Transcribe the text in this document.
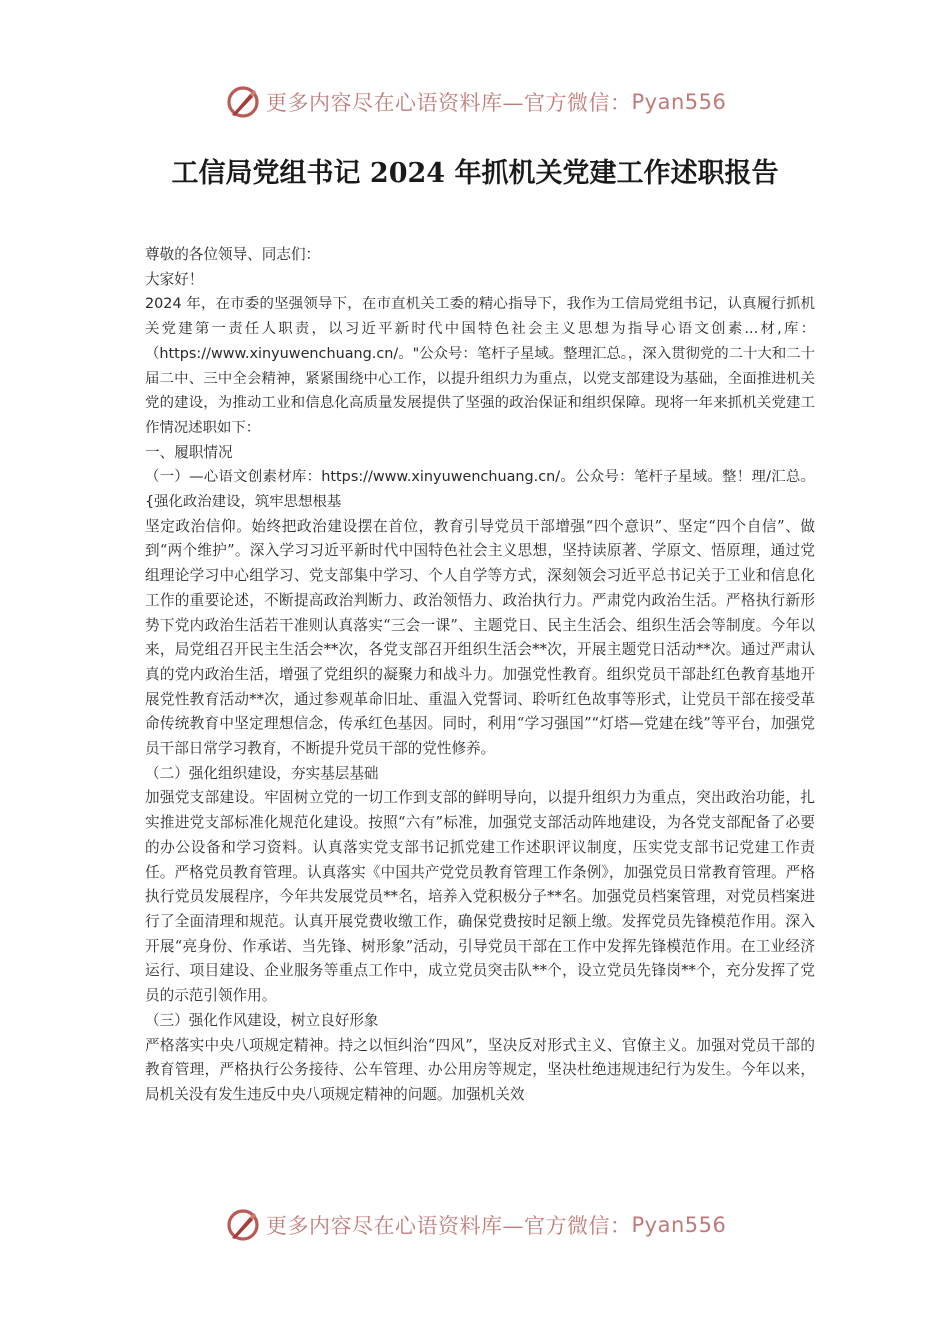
更多内容尽在心语资料库—官方微信： Pyan556
工信局党组书记 2024 年抓机关党建工作述职报告

尊敬的各位领导、同志们：

大家好！

2024 年，在市委的坚强领导下，在市直机关工委的精心指导下，我作为工信局党组书记，认真履行抓机关党建第一责任人职责，以习近平新时代中国特色社会主义思想为指导心语文创素...材,库：（https://www.xinyuwenchuang.cn/。"公众号：笔杆子星域。整理汇总。，深入贯彻党的二十大和二十届二中、三中全会精神，紧紧围绕中心工作，以提升组织力为重点，以党支部建设为基础，全面推进机关党的建设，为推动工业和信息化高质量发展提供了坚强的政治保证和组织保障。现将一年来抓机关党建工作情况述职如下：

一、履职情况

（一）—心语文创素材库：https://www.xinyuwenchuang.cn/。公众号：笔杆子星域。整！理/汇总。{强化政治建设，筑牢思想根基

坚定政治信仰。始终把政治建设摆在首位，教育引导党员干部增强“四个意识”、坚定“四个自信”、做到“两个维护”。深入学习习近平新时代中国特色社会主义思想，坚持读原著、学原文、悟原理，通过党组理论学习中心组学习、党支部集中学习、个人自学等方式，深刻领会习近平总书记关于工业和信息化工作的重要论述，不断提高政治判断力、政治领悟力、政治执行力。严肃党内政治生活。严格执行新形势下党内政治生活若干准则认真落实“三会一课”、主题党日、民主生活会、组织生活会等制度。今年以来，局党组召开民主生活会**次，各党支部召开组织生活会**次，开展主题党日活动**次。通过严肃认真的党内政治生活，增强了党组织的凝聚力和战斗力。加强党性教育。组织党员干部赴红色教育基地开展党性教育活动**次，通过参观革命旧址、重温入党誓词、聆听红色故事等形式，让党员干部在接受革命传统教育中坚定理想信念，传承红色基因。同时，利用“学习强国”“灯塔—党建在线”等平台，加强党员干部日常学习教育，不断提升党员干部的党性修养。

（二）强化组织建设，夯实基层基础

加强党支部建设。牢固树立党的一切工作到支部的鲜明导向，以提升组织力为重点，突出政治功能，扎实推进党支部标准化规范化建设。按照“六有”标准，加强党支部活动阵地建设，为各党支部配备了必要的办公设备和学习资料。认真落实党支部书记抓党建工作述职评议制度，压实党支部书记党建工作责任。严格党员教育管理。认真落实《中国共产党党员教育管理工作条例》，加强党员日常教育管理。严格执行党员发展程序，今年共发展党员**名，培养入党积极分子**名。加强党员档案管理，对党员档案进行了全面清理和规范。认真开展党费收缴工作，确保党费按时足额上缴。发挥党员先锋模范作用。深入开展“亮身份、作承诺、当先锋、树形象”活动，引导党员干部在工作中发挥先锋模范作用。在工业经济运行、项目建设、企业服务等重点工作中，成立党员突击队**个，设立党员先锋岗**个，充分发挥了党员的示范引领作用。

（三）强化作风建设，树立良好形象

严格落实中央八项规定精神。持之以恒纠治“四风”，坚决反对形式主义、官僚主义。加强对党员干部的教育管理，严格执行公务接待、公车管理、办公用房等规定，坚决杜绝违规违纪行为发生。今年以来，局机关没有发生违反中央八项规定精神的问题。加强机关效

更多内容尽在心语资料库—官方微信： Pyan556
